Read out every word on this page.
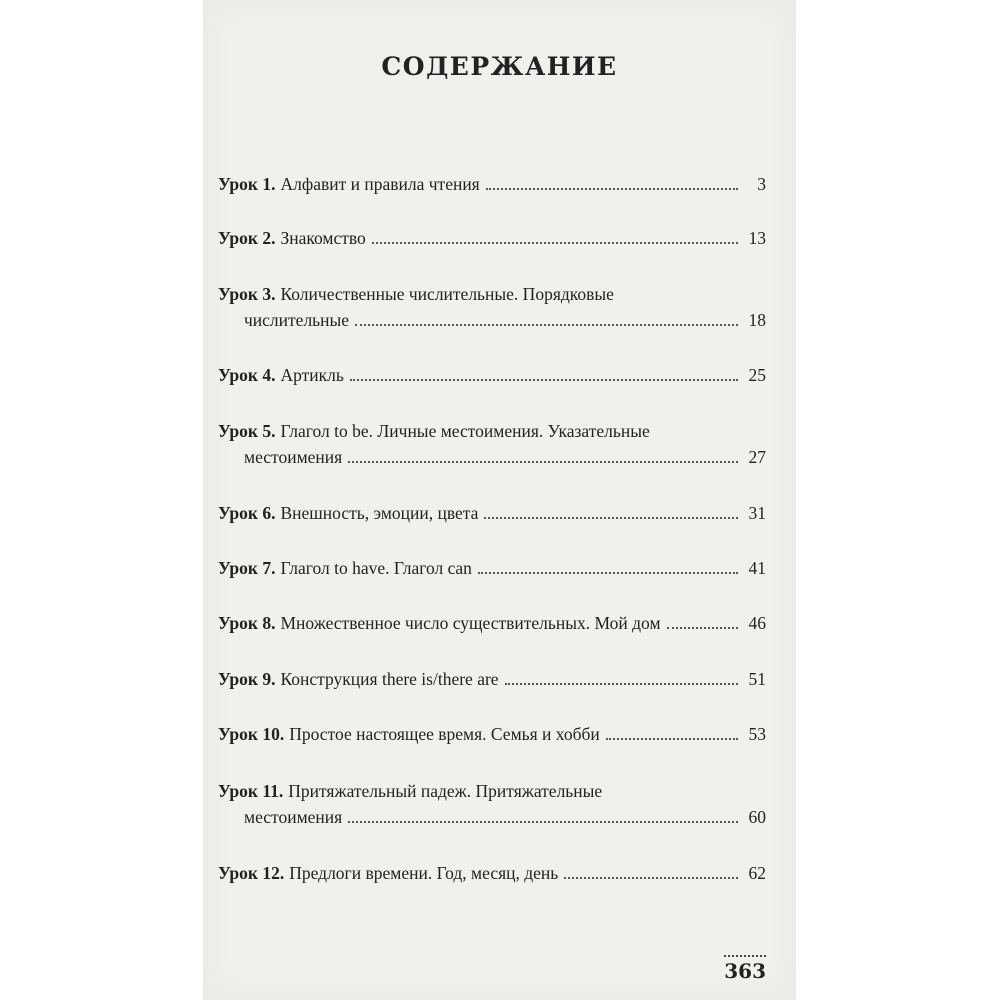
СОДЕРЖАНИЕ
Урок 1. Алфавит и правила чтения	3
Урок 2. Знакомство	13
Урок 3. Количественные числительные. Порядковые
числительные	18
Урок 4. Артикль	25
Урок 5. Глагол to be. Личные местоимения. Указательные
местоимения	27
Урок 6. Внешность, эмоции, цвета	31
Урок 7. Глагол to have. Глагол can	41
Урок 8. Множественное число существительных. Мой дом	46
Урок 9. Конструкция there is/there are	51
Урок 10. Простое настоящее время. Семья и хобби	53
Урок 11. Притяжательный падеж. Притяжательные
местоимения	60
Урок 12. Предлоги времени. Год, месяц, день	62
363
